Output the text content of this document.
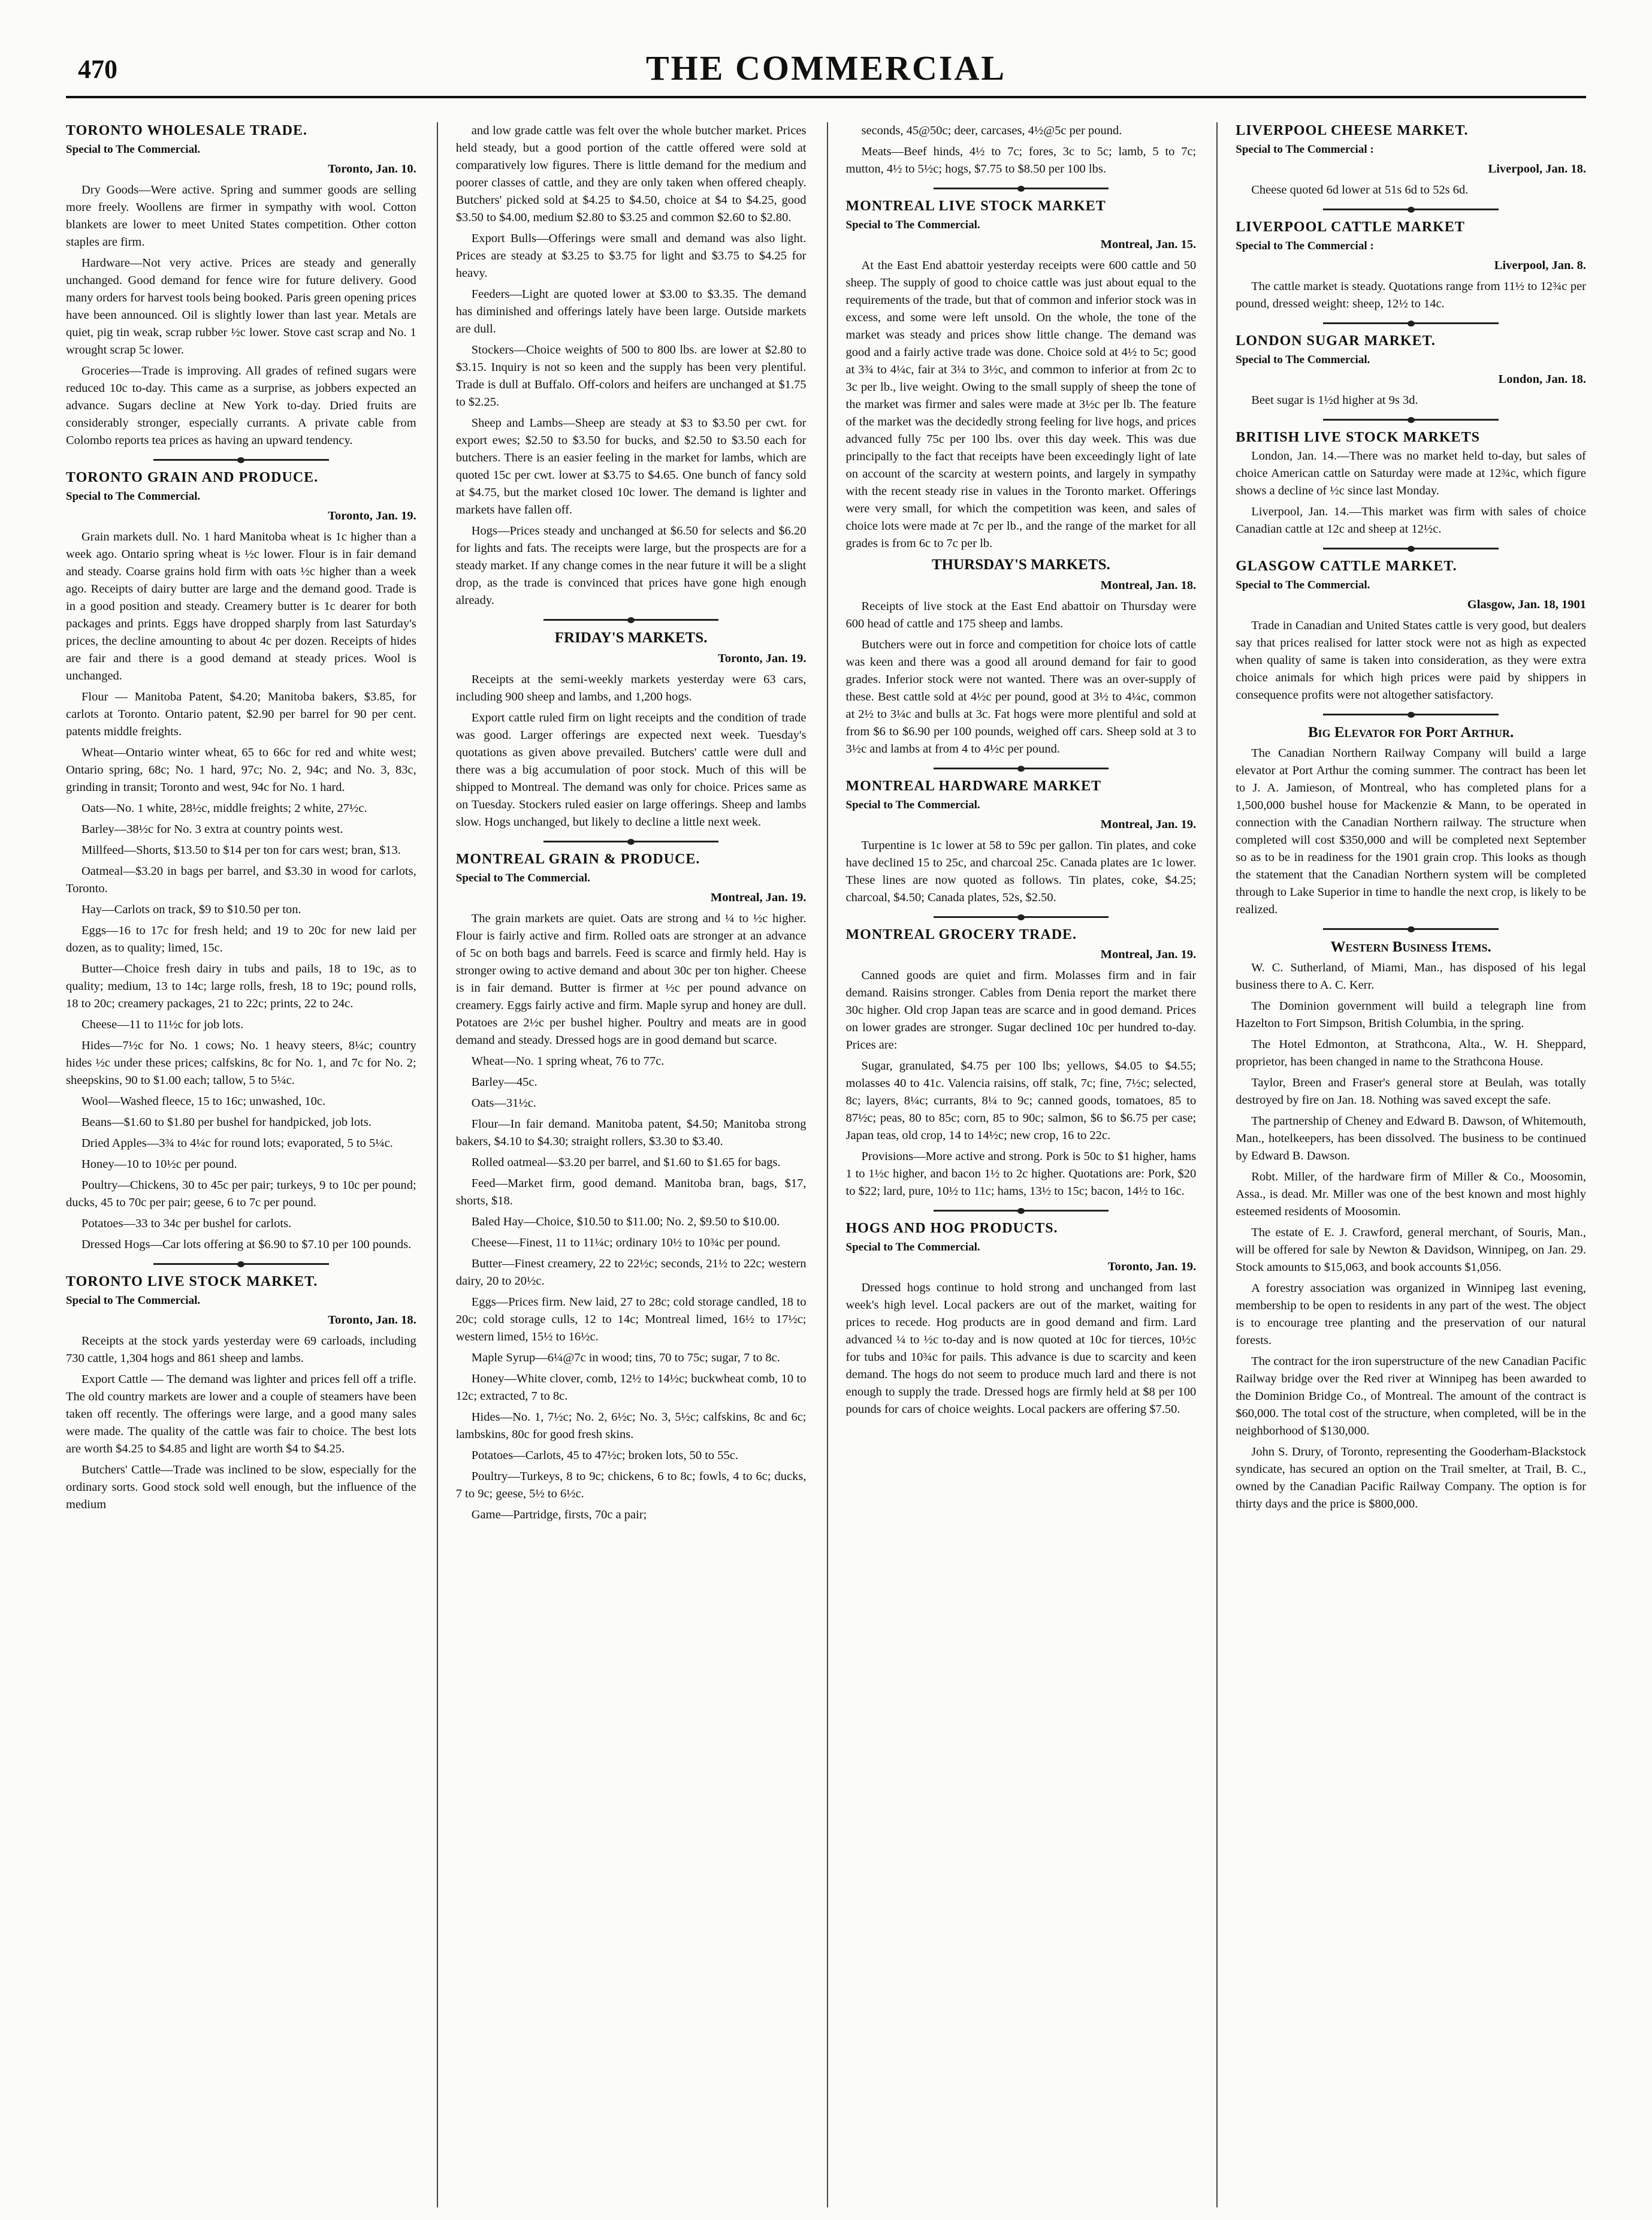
470	THE COMMERCIAL
TORONTO WHOLESALE TRADE.
Special to The Commercial.
Toronto, Jan. 10.
Dry Goods—Were active. Spring and summer goods are selling more freely. Woollens are firmer in sympathy with wool. Cotton blankets are lower to meet United States competition. Other cotton staples are firm.
Hardware—Not very active. Prices are steady and generally unchanged. Good demand for fence wire for future delivery. Good many orders for harvest tools being booked. Paris green opening prices have been announced. Oil is slightly lower than last year. Metals are quiet, pig tin weak, scrap rubber ½c lower. Stove cast scrap and No. 1 wrought scrap 5c lower.
Groceries—Trade is improving. All grades of refined sugars were reduced 10c to-day. This came as a surprise, as jobbers expected an advance. Sugars decline at New York to-day. Dried fruits are considerably stronger, especially currants. A private cable from Colombo reports tea prices as having an upward tendency.
TORONTO GRAIN AND PRODUCE.
Special to The Commercial.
Toronto, Jan. 19.
Grain markets dull. No. 1 hard Manitoba wheat is 1c higher than a week ago. Ontario spring wheat is ½c lower. Flour is in fair demand and steady. Coarse grains hold firm with oats ½c higher than a week ago. Receipts of dairy butter are large and the demand good. Trade is in a good position and steady. Creamery butter is 1c dearer for both packages and prints. Eggs have dropped sharply from last Saturday's prices, the decline amounting to about 4c per dozen. Receipts of hides are fair and there is a good demand at steady prices. Wool is unchanged.
Flour — Manitoba Patent, $4.20; Manitoba bakers, $3.85, for carlots at Toronto. Ontario patent, $2.90 per barrel for 90 per cent. patents middle freights.
Wheat—Ontario winter wheat, 65 to 66c for red and white west; Ontario spring, 68c; No. 1 hard, 97c; No. 2, 94c; and No. 3, 83c, grinding in transit; Toronto and west, 94c for No. 1 hard.
Oats—No. 1 white, 28½c, middle freights; 2 white, 27½c.
Barley—38½c for No. 3 extra at country points west.
Millfeed—Shorts, $13.50 to $14 per ton for cars west; bran, $13.
Oatmeal—$3.20 in bags per barrel, and $3.30 in wood for carlots, Toronto.
Hay—Carlots on track, $9 to $10.50 per ton.
Eggs—16 to 17c for fresh held; and 19 to 20c for new laid per dozen, as to quality; limed, 15c.
Butter—Choice fresh dairy in tubs and pails, 18 to 19c, as to quality; medium, 13 to 14c; large rolls, fresh, 18 to 19c; pound rolls, 18 to 20c; creamery packages, 21 to 22c; prints, 22 to 24c.
Cheese—11 to 11½c for job lots.
Hides—7½c for No. 1 cows; No. 1 heavy steers, 8¼c; country hides ½c under these prices; calfskins, 8c for No. 1, and 7c for No. 2; sheepskins, 90 to $1.00 each; tallow, 5 to 5¼c.
Wool—Washed fleece, 15 to 16c; unwashed, 10c.
Beans—$1.60 to $1.80 per bushel for handpicked, job lots.
Dried Apples—3¾ to 4¼c for round lots; evaporated, 5 to 5¼c.
Honey—10 to 10½c per pound.
Poultry—Chickens, 30 to 45c per pair; turkeys, 9 to 10c per pound; ducks, 45 to 70c per pair; geese, 6 to 7c per pound.
Potatoes—33 to 34c per bushel for carlots.
Dressed Hogs—Car lots offering at $6.90 to $7.10 per 100 pounds.
TORONTO LIVE STOCK MARKET.
Special to The Commercial.
Toronto, Jan. 18.
Receipts at the stock yards yesterday were 69 carloads, including 730 cattle, 1,304 hogs and 861 sheep and lambs.
Export Cattle — The demand was lighter and prices fell off a trifle. The old country markets are lower and a couple of steamers have been taken off recently. The offerings were large, and a good many sales were made. The quality of the cattle was fair to choice. The best lots are worth $4.25 to $4.85 and light are worth $4 to $4.25.
Butchers' Cattle—Trade was inclined to be slow, especially for the ordinary sorts. Good stock sold well enough, but the influence of the medium
and low grade cattle was felt over the whole butcher market. Prices held steady, but a good portion of the cattle offered were sold at comparatively low figures. There is little demand for the medium and poorer classes of cattle, and they are only taken when offered cheaply. Butchers' picked sold at $4.25 to $4.50, choice at $4 to $4.25, good $3.50 to $4.00, medium $2.80 to $3.25 and common $2.60 to $2.80.
Export Bulls—Offerings were small and demand was also light. Prices are steady at $3.25 to $3.75 for light and $3.75 to $4.25 for heavy.
Feeders—Light are quoted lower at $3.00 to $3.35. The demand has diminished and offerings lately have been large. Outside markets are dull.
Stockers—Choice weights of 500 to 800 lbs. are lower at $2.80 to $3.15. Inquiry is not so keen and the supply has been very plentiful. Trade is dull at Buffalo. Off-colors and heifers are unchanged at $1.75 to $2.25.
Sheep and Lambs—Sheep are steady at $3 to $3.50 per cwt. for export ewes; $2.50 to $3.50 for bucks, and $2.50 to $3.50 each for butchers. There is an easier feeling in the market for lambs, which are quoted 15c per cwt. lower at $3.75 to $4.65. One bunch of fancy sold at $4.75, but the market closed 10c lower. The demand is lighter and markets have fallen off.
Hogs—Prices steady and unchanged at $6.50 for selects and $6.20 for lights and fats. The receipts were large, but the prospects are for a steady market. If any change comes in the near future it will be a slight drop, as the trade is convinced that prices have gone high enough already.
FRIDAY'S MARKETS.
Toronto, Jan. 19.
Receipts at the semi-weekly markets yesterday were 63 cars, including 900 sheep and lambs, and 1,200 hogs.
Export cattle ruled firm on light receipts and the condition of trade was good. Larger offerings are expected next week. Tuesday's quotations as given above prevailed. Butchers' cattle were dull and there was a big accumulation of poor stock. Much of this will be shipped to Montreal. The demand was only for choice. Prices same as on Tuesday. Stockers ruled easier on large offerings. Sheep and lambs slow. Hogs unchanged, but likely to decline a little next week.
MONTREAL GRAIN & PRODUCE.
Special to The Commercial.
Montreal, Jan. 19.
The grain markets are quiet. Oats are strong and ¼ to ½c higher. Flour is fairly active and firm. Rolled oats are stronger at an advance of 5c on both bags and barrels. Feed is scarce and firmly held. Hay is stronger owing to active demand and about 30c per ton higher. Cheese is in fair demand. Butter is firmer at ½c per pound advance on creamery. Eggs fairly active and firm. Maple syrup and honey are dull. Potatoes are 2½c per bushel higher. Poultry and meats are in good demand and steady. Dressed hogs are in good demand but scarce.
Wheat—No. 1 spring wheat, 76 to 77c.
Barley—45c.
Oats—31½c.
Flour—In fair demand. Manitoba patent, $4.50; Manitoba strong bakers, $4.10 to $4.30; straight rollers, $3.30 to $3.40.
Rolled oatmeal—$3.20 per barrel, and $1.60 to $1.65 for bags.
Feed—Market firm, good demand. Manitoba bran, bags, $17, shorts, $18.
Baled Hay—Choice, $10.50 to $11.00; No. 2, $9.50 to $10.00.
Cheese—Finest, 11 to 11¼c; ordinary 10½ to 10¾c per pound.
Butter—Finest creamery, 22 to 22½c; seconds, 21½ to 22c; western dairy, 20 to 20½c.
Eggs—Prices firm. New laid, 27 to 28c; cold storage candled, 18 to 20c; cold storage culls, 12 to 14c; Montreal limed, 16½ to 17½c; western limed, 15½ to 16½c.
Maple Syrup—6¼@7c in wood; tins, 70 to 75c; sugar, 7 to 8c.
Honey—White clover, comb, 12½ to 14½c; buckwheat comb, 10 to 12c; extracted, 7 to 8c.
Hides—No. 1, 7½c; No. 2, 6½c; No. 3, 5½c; calfskins, 8c and 6c; lambskins, 80c for good fresh skins.
Potatoes—Carlots, 45 to 47½c; broken lots, 50 to 55c.
Poultry—Turkeys, 8 to 9c; chickens, 6 to 8c; fowls, 4 to 6c; ducks, 7 to 9c; geese, 5½ to 6½c.
Game—Partridge, firsts, 70c a pair;
seconds, 45@50c; deer, carcases, 4½@5c per pound.
Meats—Beef hinds, 4½ to 7c; fores, 3c to 5c; lamb, 5 to 7c; mutton, 4½ to 5½c; hogs, $7.75 to $8.50 per 100 lbs.
MONTREAL LIVE STOCK MARKET
Special to The Commercial.
Montreal, Jan. 15.
At the East End abattoir yesterday receipts were 600 cattle and 50 sheep. The supply of good to choice cattle was just about equal to the requirements of the trade, but that of common and inferior stock was in excess, and some were left unsold. On the whole, the tone of the market was steady and prices show little change. The demand was good and a fairly active trade was done. Choice sold at 4½ to 5c; good at 3¾ to 4¼c, fair at 3¼ to 3½c, and common to inferior at from 2c to 3c per lb., live weight. Owing to the small supply of sheep the tone of the market was firmer and sales were made at 3½c per lb. The feature of the market was the decidedly strong feeling for live hogs, and prices advanced fully 75c per 100 lbs. over this day week. This was due principally to the fact that receipts have been exceedingly light of late on account of the scarcity at western points, and largely in sympathy with the recent steady rise in values in the Toronto market. Offerings were very small, for which the competition was keen, and sales of choice lots were made at 7c per lb., and the range of the market for all grades is from 6c to 7c per lb.
THURSDAY'S MARKETS.
Montreal, Jan. 18.
Receipts of live stock at the East End abattoir on Thursday were 600 head of cattle and 175 sheep and lambs.
Butchers were out in force and competition for choice lots of cattle was keen and there was a good all around demand for fair to good grades. Inferior stock were not wanted. There was an over-supply of these. Best cattle sold at 4½c per pound, good at 3½ to 4¼c, common at 2½ to 3¼c and bulls at 3c. Fat hogs were more plentiful and sold at from $6 to $6.90 per 100 pounds, weighed off cars. Sheep sold at 3 to 3½c and lambs at from 4 to 4½c per pound.
MONTREAL HARDWARE MARKET
Special to The Commercial.
Montreal, Jan. 19.
Turpentine is 1c lower at 58 to 59c per gallon. Tin plates, and coke have declined 15 to 25c, and charcoal 25c. Canada plates are 1c lower. These lines are now quoted as follows. Tin plates, coke, $4.25; charcoal, $4.50; Canada plates, 52s, $2.50.
MONTREAL GROCERY TRADE.
Montreal, Jan. 19.
Canned goods are quiet and firm. Molasses firm and in fair demand. Raisins stronger. Cables from Denia report the market there 30c higher. Old crop Japan teas are scarce and in good demand. Prices on lower grades are stronger. Sugar declined 10c per hundred to-day. Prices are:
Sugar, granulated, $4.75 per 100 lbs; yellows, $4.05 to $4.55; molasses 40 to 41c. Valencia raisins, off stalk, 7c; fine, 7½c; selected, 8c; layers, 8¼c; currants, 8¼ to 9c; canned goods, tomatoes, 85 to 87½c; peas, 80 to 85c; corn, 85 to 90c; salmon, $6 to $6.75 per case; Japan teas, old crop, 14 to 14½c; new crop, 16 to 22c.
Provisions—More active and strong. Pork is 50c to $1 higher, hams 1 to 1½c higher, and bacon 1½ to 2c higher. Quotations are: Pork, $20 to $22; lard, pure, 10½ to 11c; hams, 13½ to 15c; bacon, 14½ to 16c.
HOGS AND HOG PRODUCTS.
Special to The Commercial.
Toronto, Jan. 19.
Dressed hogs continue to hold strong and unchanged from last week's high level. Local packers are out of the market, waiting for prices to recede. Hog products are in good demand and firm. Lard advanced ¼ to ½c to-day and is now quoted at 10c for tierces, 10½c for tubs and 10¾c for pails. This advance is due to scarcity and keen demand. The hogs do not seem to produce much lard and there is not enough to supply the trade. Dressed hogs are firmly held at $8 per 100 pounds for cars of choice weights. Local packers are offering $7.50.
LIVERPOOL CHEESE MARKET.
Special to The Commercial :
Liverpool, Jan. 18.
Cheese quoted 6d lower at 51s 6d to 52s 6d.
LIVERPOOL CATTLE MARKET
Special to The Commercial :
Liverpool, Jan. 8.
The cattle market is steady. Quotations range from 11½ to 12¾c per pound, dressed weight: sheep, 12½ to 14c.
LONDON SUGAR MARKET.
Special to The Commercial.
London, Jan. 18.
Beet sugar is 1½d higher at 9s 3d.
BRITISH LIVE STOCK MARKETS
London, Jan. 14.—There was no market held to-day, but sales of choice American cattle on Saturday were made at 12¾c, which figure shows a decline of ½c since last Monday.
Liverpool, Jan. 14.—This market was firm with sales of choice Canadian cattle at 12c and sheep at 12½c.
GLASGOW CATTLE MARKET.
Special to The Commercial.
Glasgow, Jan. 18, 1901
Trade in Canadian and United States cattle is very good, but dealers say that prices realised for latter stock were not as high as expected when quality of same is taken into consideration, as they were extra choice animals for which high prices were paid by shippers in consequence profits were not altogether satisfactory.
Big Elevator for Port Arthur.
The Canadian Northern Railway Company will build a large elevator at Port Arthur the coming summer. The contract has been let to J. A. Jamieson, of Montreal, who has completed plans for a 1,500,000 bushel house for Mackenzie & Mann, to be operated in connection with the Canadian Northern railway. The structure when completed will cost $350,000 and will be completed next September so as to be in readiness for the 1901 grain crop. This looks as though the statement that the Canadian Northern system will be completed through to Lake Superior in time to handle the next crop, is likely to be realized.
Western Business Items.
W. C. Sutherland, of Miami, Man., has disposed of his legal business there to A. C. Kerr.
The Dominion government will build a telegraph line from Hazelton to Fort Simpson, British Columbia, in the spring.
The Hotel Edmonton, at Strathcona, Alta., W. H. Sheppard, proprietor, has been changed in name to the Strathcona House.
Taylor, Breen and Fraser's general store at Beulah, was totally destroyed by fire on Jan. 18. Nothing was saved except the safe.
The partnership of Cheney and Edward B. Dawson, of Whitemouth, Man., hotelkeepers, has been dissolved. The business to be continued by Edward B. Dawson.
Robt. Miller, of the hardware firm of Miller & Co., Moosomin, Assa., is dead. Mr. Miller was one of the best known and most highly esteemed residents of Moosomin.
The estate of E. J. Crawford, general merchant, of Souris, Man., will be offered for sale by Newton & Davidson, Winnipeg, on Jan. 29. Stock amounts to $15,063, and book accounts $1,056.
A forestry association was organized in Winnipeg last evening, membership to be open to residents in any part of the west. The object is to encourage tree planting and the preservation of our natural forests.
The contract for the iron superstructure of the new Canadian Pacific Railway bridge over the Red river at Winnipeg has been awarded to the Dominion Bridge Co., of Montreal. The amount of the contract is $60,000. The total cost of the structure, when completed, will be in the neighborhood of $130,000.
John S. Drury, of Toronto, representing the Gooderham-Blackstock syndicate, has secured an option on the Trail smelter, at Trail, B. C., owned by the Canadian Pacific Railway Company. The option is for thirty days and the price is $800,000.
